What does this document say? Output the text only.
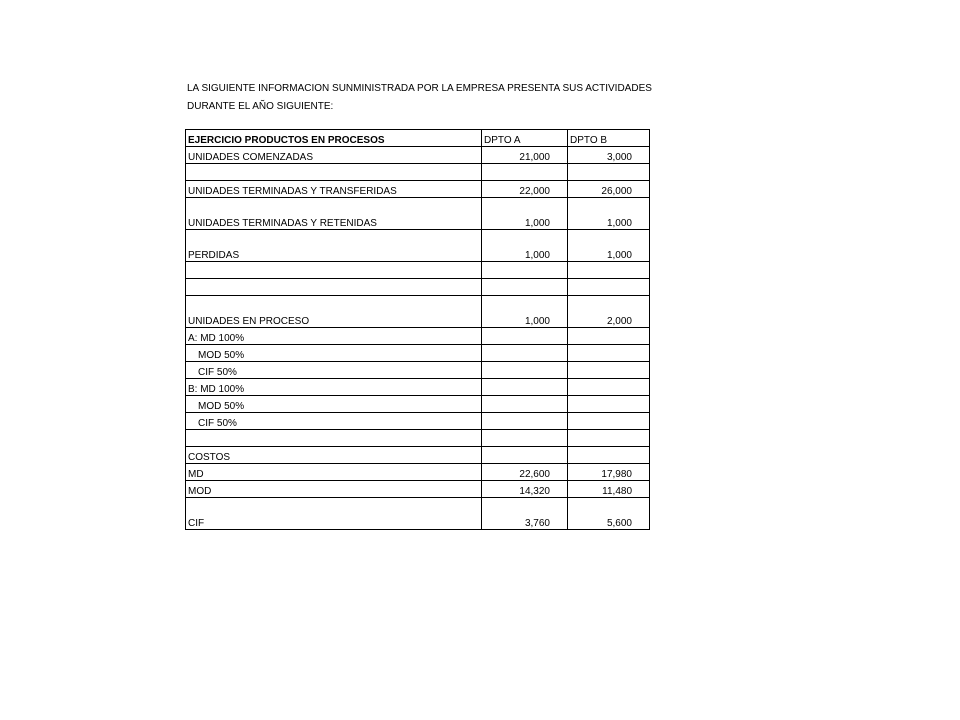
LA SIGUIENTE INFORMACION SUNMINISTRADA POR LA EMPRESA PRESENTA SUS ACTIVIDADES
DURANTE EL AÑO SIGUIENTE:
EJERCICIO PRODUCTOS EN PROCESOS	DPTO A	DPTO B
UNIDADES COMENZADAS	21,000	3,000

UNIDADES TERMINADAS Y TRANSFERIDAS	22,000	26,000
UNIDADES TERMINADAS Y RETENIDAS	1,000	1,000
PERDIDAS	1,000	1,000

UNIDADES EN PROCESO	1,000	2,000
A: MD 100%		
MOD 50%		
CIF 50%		
B: MD 100%		
MOD 50%		
CIF 50%		

COSTOS		
MD	22,600	17,980
MOD	14,320	11,480
CIF	3,760	5,600
